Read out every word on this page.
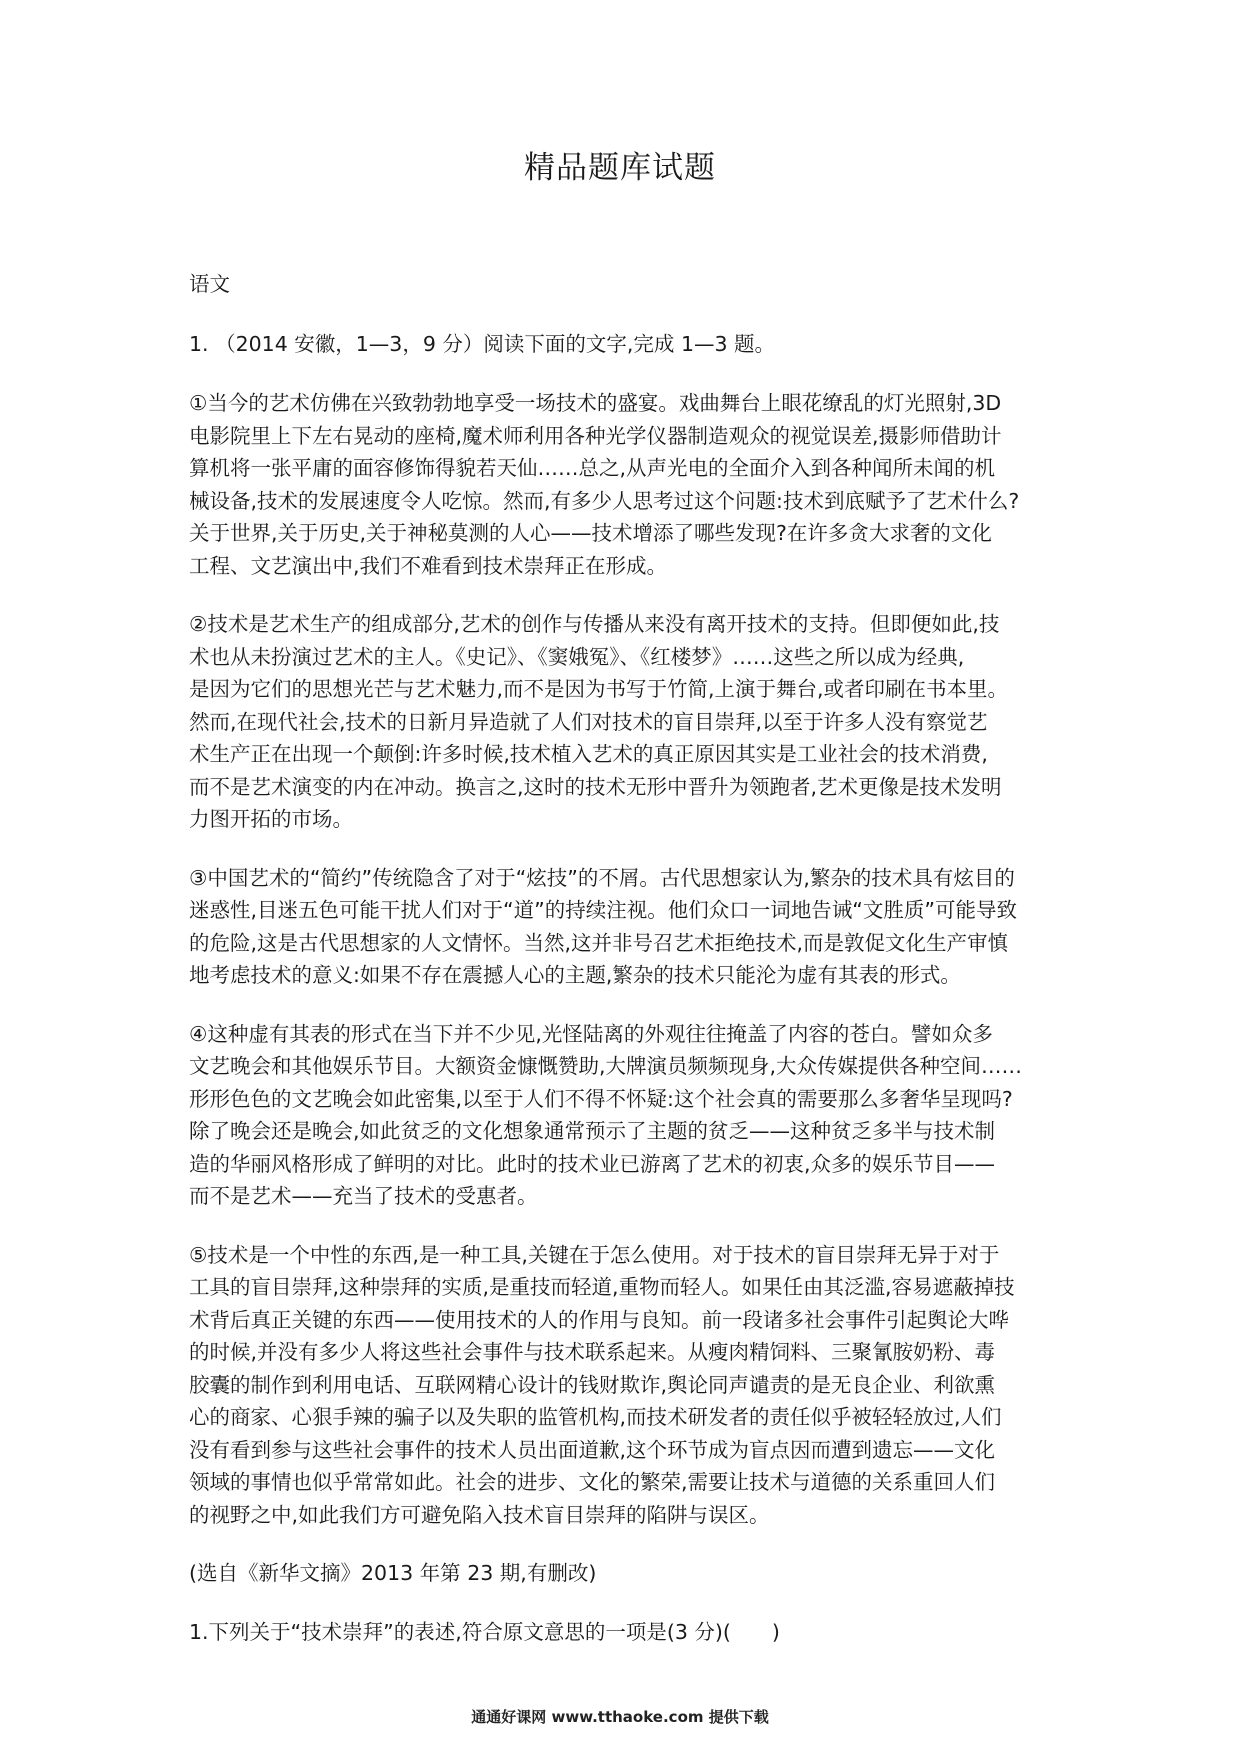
精品题库试题

语文

1. （2014 安徽，1—3，9 分）阅读下面的文字,完成 1—3 题。

①当今的艺术仿佛在兴致勃勃地享受一场技术的盛宴。戏曲舞台上眼花缭乱的灯光照射,3D
电影院里上下左右晃动的座椅,魔术师利用各种光学仪器制造观众的视觉误差,摄影师借助计
算机将一张平庸的面容修饰得貌若天仙……总之,从声光电的全面介入到各种闻所未闻的机
械设备,技术的发展速度令人吃惊。然而,有多少人思考过这个问题:技术到底赋予了艺术什么?
关于世界,关于历史,关于神秘莫测的人心——技术增添了哪些发现?在许多贪大求奢的文化
工程、文艺演出中,我们不难看到技术崇拜正在形成。

②技术是艺术生产的组成部分,艺术的创作与传播从来没有离开技术的支持。但即便如此,技
术也从未扮演过艺术的主人。《史记》、《窦娥冤》、《红楼梦》……这些之所以成为经典,
是因为它们的思想光芒与艺术魅力,而不是因为书写于竹简,上演于舞台,或者印刷在书本里。
然而,在现代社会,技术的日新月异造就了人们对技术的盲目崇拜,以至于许多人没有察觉艺
术生产正在出现一个颠倒:许多时候,技术植入艺术的真正原因其实是工业社会的技术消费,
而不是艺术演变的内在冲动。换言之,这时的技术无形中晋升为领跑者,艺术更像是技术发明
力图开拓的市场。

③中国艺术的“简约”传统隐含了对于“炫技”的不屑。古代思想家认为,繁杂的技术具有炫目的
迷惑性,目迷五色可能干扰人们对于“道”的持续注视。他们众口一词地告诫“文胜质”可能导致
的危险,这是古代思想家的人文情怀。当然,这并非号召艺术拒绝技术,而是敦促文化生产审慎
地考虑技术的意义:如果不存在震撼人心的主题,繁杂的技术只能沦为虚有其表的形式。

④这种虚有其表的形式在当下并不少见,光怪陆离的外观往往掩盖了内容的苍白。譬如众多
文艺晚会和其他娱乐节目。大额资金慷慨赞助,大牌演员频频现身,大众传媒提供各种空间……
形形色色的文艺晚会如此密集,以至于人们不得不怀疑:这个社会真的需要那么多奢华呈现吗?
除了晚会还是晚会,如此贫乏的文化想象通常预示了主题的贫乏——这种贫乏多半与技术制
造的华丽风格形成了鲜明的对比。此时的技术业已游离了艺术的初衷,众多的娱乐节目——
而不是艺术——充当了技术的受惠者。

⑤技术是一个中性的东西,是一种工具,关键在于怎么使用。对于技术的盲目崇拜无异于对于
工具的盲目崇拜,这种崇拜的实质,是重技而轻道,重物而轻人。如果任由其泛滥,容易遮蔽掉技
术背后真正关键的东西——使用技术的人的作用与良知。前一段诸多社会事件引起舆论大哗
的时候,并没有多少人将这些社会事件与技术联系起来。从瘦肉精饲料、三聚氰胺奶粉、毒
胶囊的制作到利用电话、互联网精心设计的钱财欺诈,舆论同声谴责的是无良企业、利欲熏
心的商家、心狠手辣的骗子以及失职的监管机构,而技术研发者的责任似乎被轻轻放过,人们
没有看到参与这些社会事件的技术人员出面道歉,这个环节成为盲点因而遭到遗忘——文化
领域的事情也似乎常常如此。社会的进步、文化的繁荣,需要让技术与道德的关系重回人们
的视野之中,如此我们方可避免陷入技术盲目崇拜的陷阱与误区。

(选自《新华文摘》2013 年第 23 期,有删改)

1.下列关于“技术崇拜”的表述,符合原文意思的一项是(3 分)(　　)

通通好课网 www.tthaoke.com 提供下载
